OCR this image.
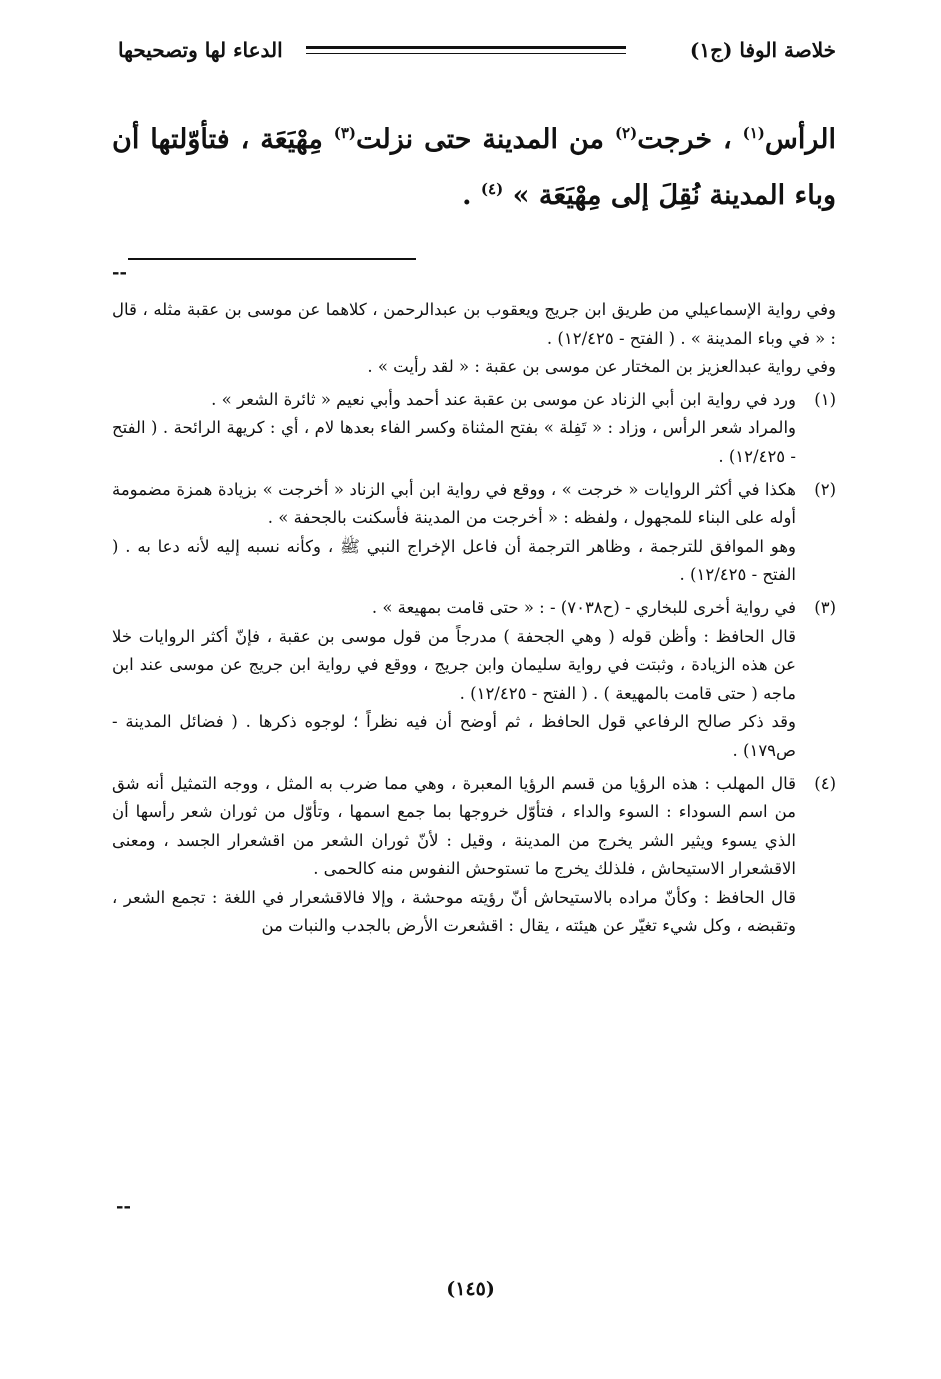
خلاصة الوفا (ج١)
الدعاء لها وتصحيحها
الرأس$^{(١)}$ ، خرجت$^{(٢)}$ من المدينة حتى نزلت$^{(٣)}$ مِهْيَعَة ، فتأوّلتها أن وباء المدينة نُقِلَ إلى مِهْيَعَة » $^{(٤)}$ .
--
وفي رواية الإسماعيلي من طريق ابن جريج ويعقوب بن عبدالرحمن ، كلاهما عن موسى بن عقبة مثله ، قال : « في وباء المدينة » . ( الفتح - ١٢/٤٢٥) .
وفي رواية عبدالعزيز بن المختار عن موسى بن عقبة : « لقد رأيت » .
(١)
ورد في رواية ابن أبي الزناد عن موسى بن عقبة عند أحمد وأبي نعيم « ثائرة الشعر » .
والمراد شعر الرأس ، وزاد : « تَفِلة » بفتح المثناة وكسر الفاء بعدها لام ، أي : كريهة الرائحة . ( الفتح - ١٢/٤٢٥) .
(٢)
هكذا في أكثر الروايات « خرجت » ، ووقع في رواية ابن أبي الزناد « أخرجت » بزيادة همزة مضمومة أوله على البناء للمجهول ، ولفظه : « أخرجت من المدينة فأسكنت بالجحفة » .
وهو الموافق للترجمة ، وظاهر الترجمة أن فاعل الإخراج النبي ﷺ ، وكأنه نسبه إليه لأنه دعا به . ( الفتح - ١٢/٤٢٥) .
(٣)
في رواية أخرى للبخاري - (ح٧٠٣٨) - : « حتى قامت بمهيعة » .
قال الحافظ : وأظن قوله ( وهي الجحفة ) مدرجاً من قول موسى بن عقبة ، فإنّ أكثر الروايات خلا عن هذه الزيادة ، وثبتت في رواية سليمان وابن جريج ، ووقع في رواية ابن جريج عن موسى عند ابن ماجه ( حتى قامت بالمهيعة ) . ( الفتح - ١٢/٤٢٥) .
وقد ذكر صالح الرفاعي قول الحافظ ، ثم أوضح أن فيه نظراً ؛ لوجوه ذكرها . ( فضائل المدينة - ص١٧٩) .
(٤)
قال المهلب : هذه الرؤيا من قسم الرؤيا المعبرة ، وهي مما ضرب به المثل ، ووجه التمثيل أنه شق من اسم السوداء : السوء والداء ، فتأوّل خروجها بما جمع اسمها ، وتأوّل من ثوران شعر رأسها أن الذي يسوء ويثير الشر يخرج من المدينة ، وقيل : لأنّ ثوران الشعر من اقشعرار الجسد ، ومعنى الاقشعرار الاستيحاش ، فلذلك يخرج ما تستوحش النفوس منه كالحمى .
قال الحافظ : وكأنّ مراده بالاستيحاش أنّ رؤيته موحشة ، وإلا فالاقشعرار في اللغة : تجمع الشعر ، وتقبضه ، وكل شيء تغيّر عن هيئته ، يقال : اقشعرت الأرض بالجدب والنبات من
--
(١٤٥)
